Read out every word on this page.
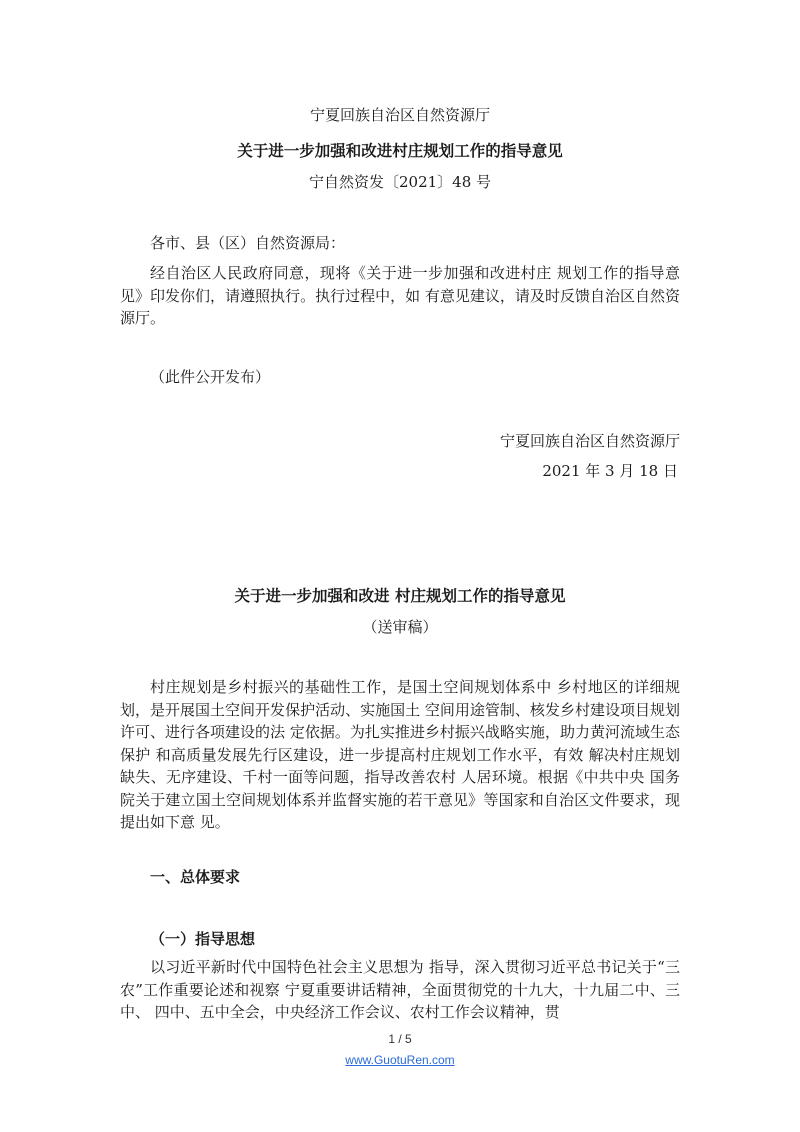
宁夏回族自治区自然资源厅
关于进一步加强和改进村庄规划工作的指导意见
宁自然资发〔2021〕48 号
各市、县（区）自然资源局：
经自治区人民政府同意，现将《关于进一步加强和改进村庄 规划工作的指导意见》印发你们，请遵照执行。执行过程中，如 有意见建议，请及时反馈自治区自然资源厅。
（此件公开发布）
宁夏回族自治区自然资源厅
2021 年 3 月 18 日
关于进一步加强和改进 村庄规划工作的指导意见
（送审稿）
村庄规划是乡村振兴的基础性工作，是国土空间规划体系中 乡村地区的详细规划，是开展国土空间开发保护活动、实施国土 空间用途管制、核发乡村建设项目规划许可、进行各项建设的法 定依据。为扎实推进乡村振兴战略实施，助力黄河流域生态保护 和高质量发展先行区建设，进一步提高村庄规划工作水平，有效 解决村庄规划缺失、无序建设、千村一面等问题，指导改善农村 人居环境。根据《中共中央 国务院关于建立国土空间规划体系并监督实施的若干意见》等国家和自治区文件要求，现提出如下意 见。
一、总体要求
（一）指导思想
以习近平新时代中国特色社会主义思想为 指导，深入贯彻习近平总书记关于“三农”工作重要论述和视察 宁夏重要讲话精神，全面贯彻党的十九大，十九届二中、三中、 四中、五中全会，中央经济工作会议、农村工作会议精神，贯
1 / 5
www.GuotuRen.com
